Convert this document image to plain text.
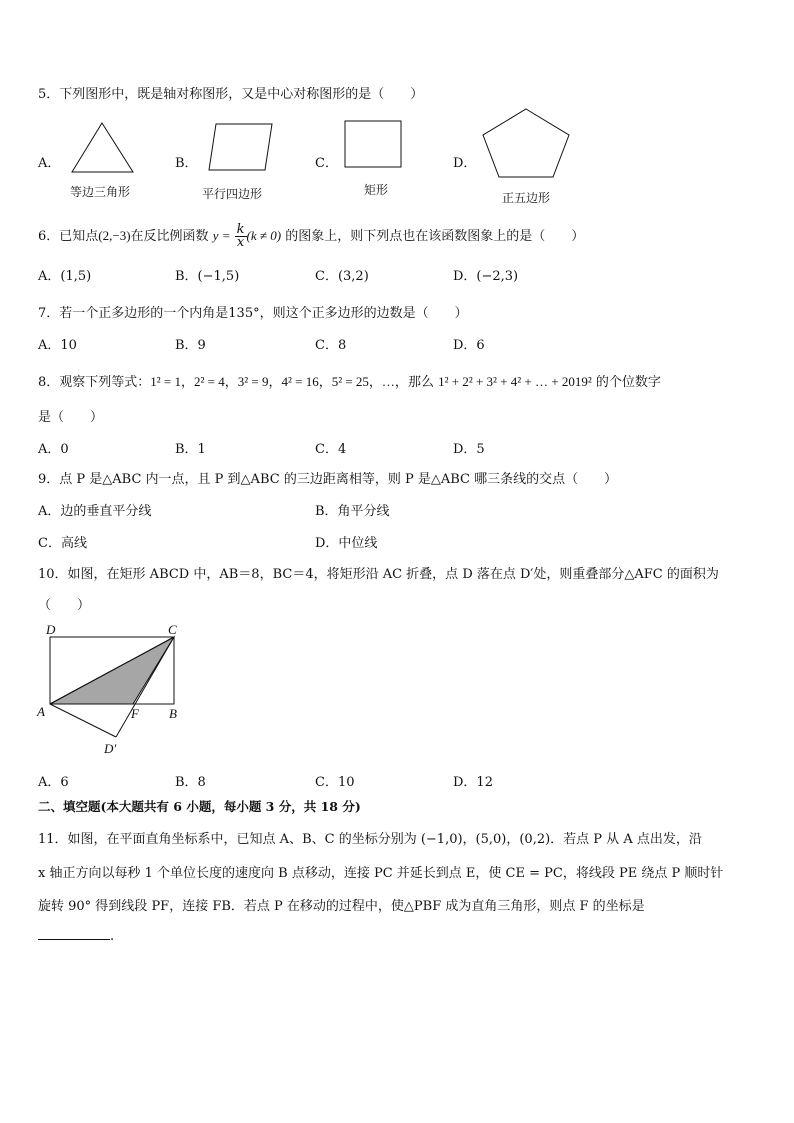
5．下列图形中，既是轴对称图形，又是中心对称图形的是（　　）
A．
等边三角形
B．
平行四边形
C．
矩形
D．
正五边形
6．已知点(2,−3)在反比例函数 $y = \frac{k}{x} (k \ne 0)$ 的图象上，则下列点也在该函数图象上的是（　　）
A．(1,5)	B．(−1,5)	C．(3,2)	D．(−2,3)
7．若一个正多边形的一个内角是135°，则这个正多边形的边数是（　　）
A．10	B．9	C．8	D．6
8．观察下列等式：1² = 1，2² = 4，3² = 9，4² = 16，5² = 25，…，那么 1² + 2² + 3² + 4² + … + 2019² 的个位数字
是（　　）
A．0	B．1	C．4	D．5
9．点 P 是△ABC 内一点，且 P 到△ABC 的三边距离相等，则 P 是△ABC 哪三条线的交点（　　）
A．边的垂直平分线	B．角平分线
C．高线	D．中位线
10．如图，在矩形 ABCD 中，AB＝8，BC＝4，将矩形沿 AC 折叠，点 D 落在点 D′处，则重叠部分△AFC 的面积为
（　　）
D	C
A	F B
D′
A．6	B．8	C．10	D．12
二、填空题(本大题共有 6 小题，每小题 3 分，共 18 分)
11．如图，在平面直角坐标系中，已知点 A、B、C 的坐标分别为 (−1,0)，(5,0)，(0,2)．若点 P 从 A 点出发，沿
x 轴正方向以每秒 1 个单位长度的速度向 B 点移动，连接 PC 并延长到点 E，使 CE = PC，将线段 PE 绕点 P 顺时针
旋转 90° 得到线段 PF，连接 FB．若点 P 在移动的过程中，使△PBF 成为直角三角形，则点 F 的坐标是
.
